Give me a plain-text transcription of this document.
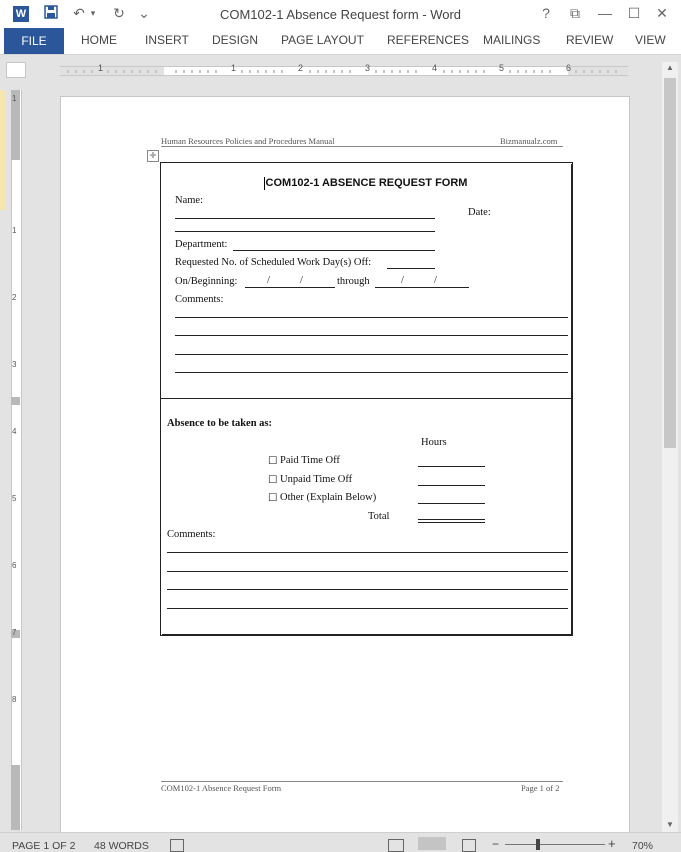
W	↶ ▾ ↻ ⌄	COM102-1 Absence Request form - Word	? ⧉ — ☐ ✕
FILE	HOME INSERT DESIGN PAGE LAYOUT REFERENCES MAILINGS REVIEW VIEW
1	1	2	3	4	5	6
1
1
2
3
4
5
6
7
8
▲
▼
Human Resources Policies and Procedures Manual	Bizmanualz.com
✛
COM102-1 ABSENCE REQUEST FORM
Name:
Date:
Department:
Requested No. of Scheduled Work Day(s) Off:
On/Beginning:	/	/	through	/	/
Comments:
Absence to be taken as:
Hours
☐ Paid Time Off
☐ Unpaid Time Off
☐ Other (Explain Below)
Total
Comments:
COM102-1 Absence Request Form	Page 1 of 2
PAGE 1 OF 2 48 WORDS	−	+ 70%
